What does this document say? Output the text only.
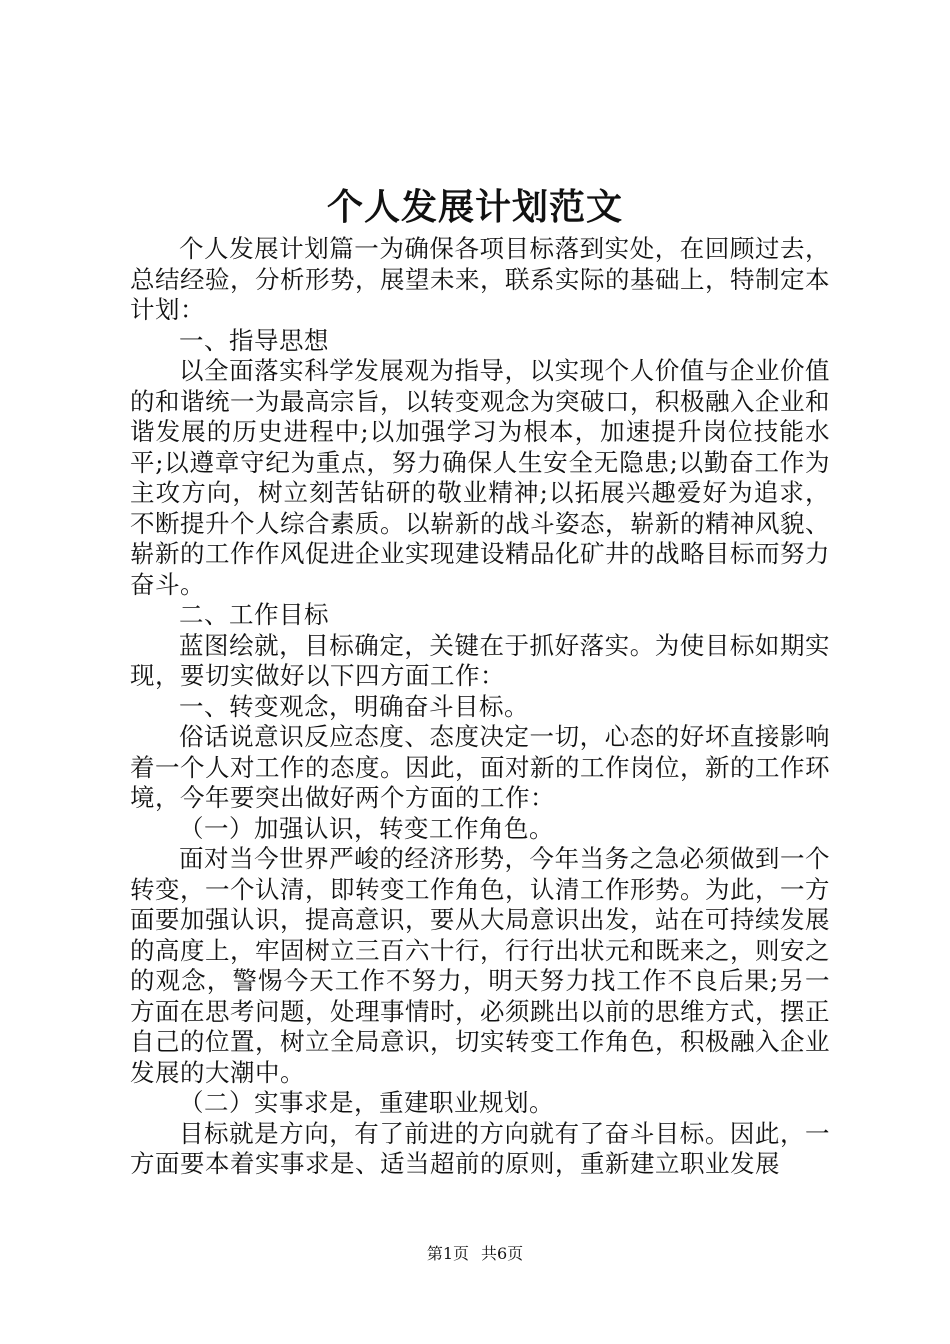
个人发展计划范文

个人发展计划篇一为确保各项目标落到实处，在回顾过去，总结经验，分析形势，展望未来，联系实际的基础上，特制定本计划：

一、指导思想

以全面落实科学发展观为指导，以实现个人价值与企业价值的和谐统一为最高宗旨，以转变观念为突破口，积极融入企业和谐发展的历史进程中;以加强学习为根本，加速提升岗位技能水平;以遵章守纪为重点，努力确保人生安全无隐患;以勤奋工作为主攻方向，树立刻苦钻研的敬业精神;以拓展兴趣爱好为追求，不断提升个人综合素质。以崭新的战斗姿态，崭新的精神风貌、崭新的工作作风促进企业实现建设精品化矿井的战略目标而努力奋斗。

二、工作目标

蓝图绘就，目标确定，关键在于抓好落实。为使目标如期实现，要切实做好以下四方面工作：

一、转变观念，明确奋斗目标。

俗话说意识反应态度、态度决定一切，心态的好坏直接影响着一个人对工作的态度。因此，面对新的工作岗位，新的工作环境，今年要突出做好两个方面的工作：

（一）加强认识，转变工作角色。

面对当今世界严峻的经济形势，今年当务之急必须做到一个转变，一个认清，即转变工作角色，认清工作形势。为此，一方面要加强认识，提高意识，要从大局意识出发，站在可持续发展的高度上，牢固树立三百六十行，行行出状元和既来之，则安之的观念，警惕今天工作不努力，明天努力找工作不良后果;另一方面在思考问题，处理事情时，必须跳出以前的思维方式，摆正自己的位置，树立全局意识，切实转变工作角色，积极融入企业发展的大潮中。

（二）实事求是，重建职业规划。

目标就是方向，有了前进的方向就有了奋斗目标。因此，一方面要本着实事求是、适当超前的原则，重新建立职业发展

第1页 共6页
